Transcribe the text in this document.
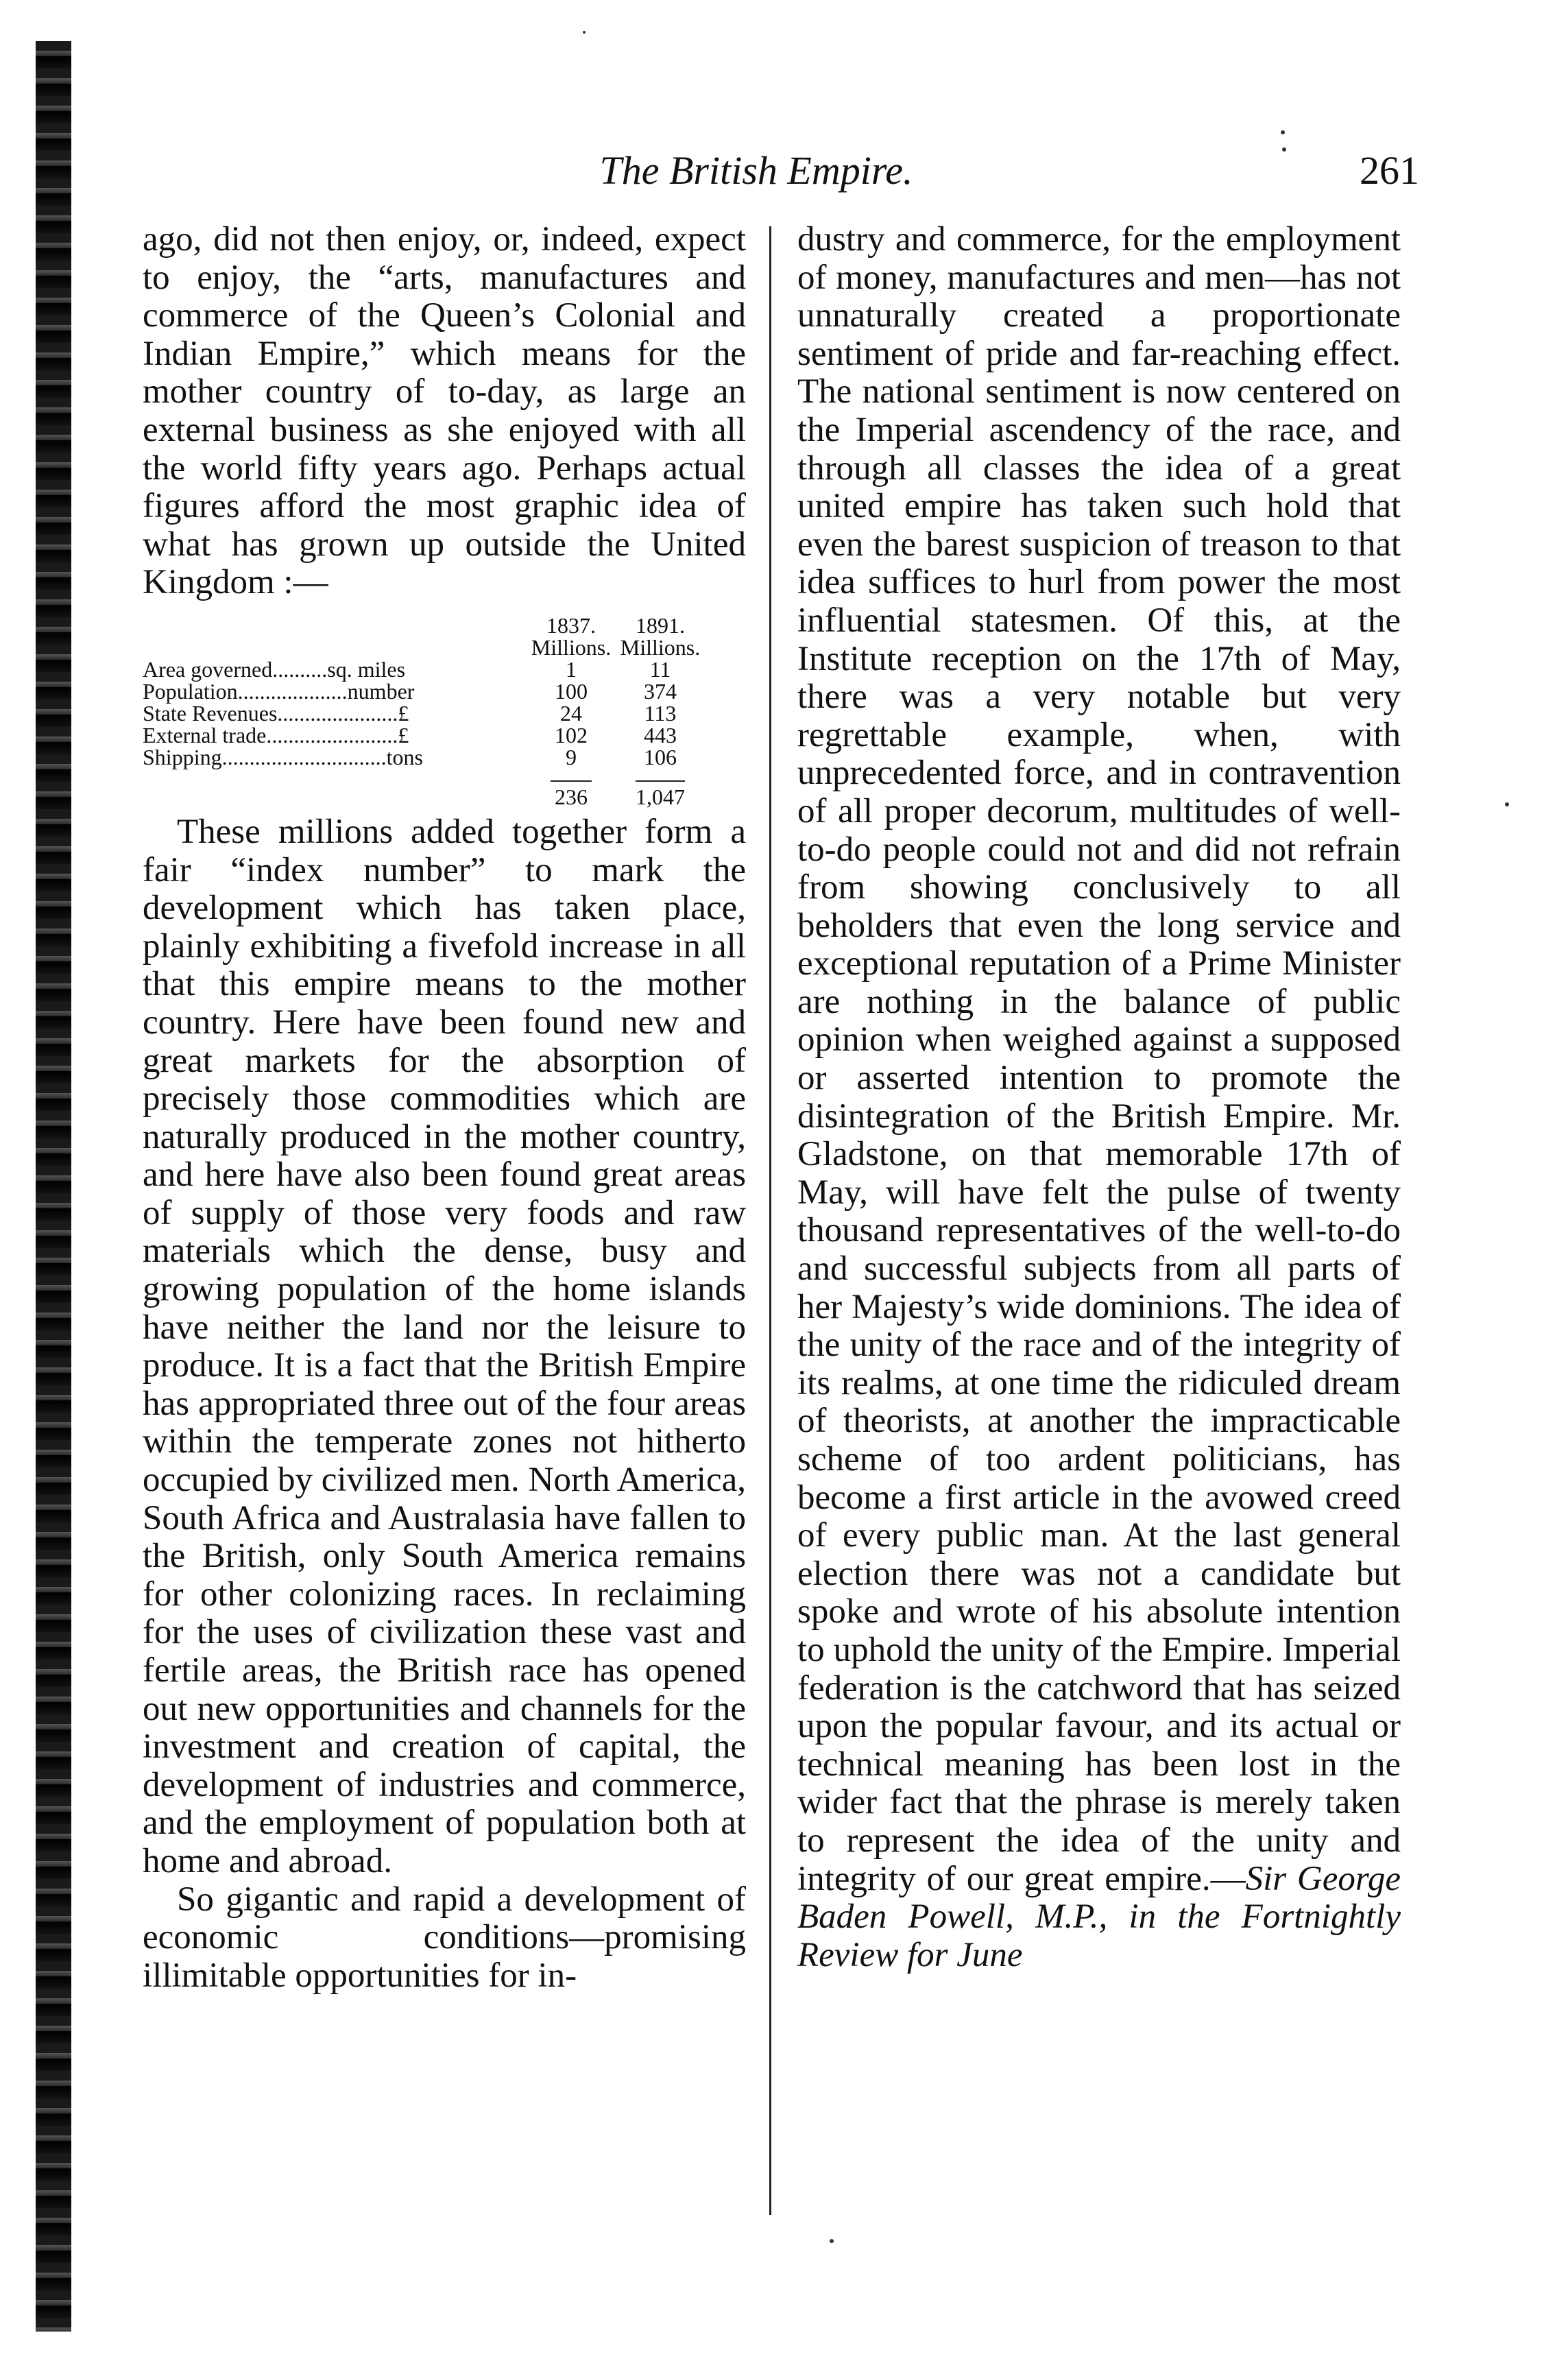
The British Empire.	261

ago, did not then enjoy, or, indeed, expect to enjoy, the “arts, manufactures and commerce of the Queen’s Colonial and Indian Empire,” which means for the mother country of to-day, as large an external business as she enjoyed with all the world fifty years ago. Perhaps actual figures afford the most graphic idea of what has grown up outside the United Kingdom :—

	1837.	1891.
	Millions.	Millions.
Area governed..........sq. miles	1	11
Population....................number	100	374
State Revenues......................£	24	113
External trade........................£	102	443
Shipping..............................tons	9	106
	236	1,047

These millions added together form a fair “index number” to mark the development which has taken place, plainly exhibiting a fivefold increase in all that this empire means to the mother country. Here have been found new and great markets for the absorption of precisely those commodities which are naturally produced in the mother country, and here have also been found great areas of supply of those very foods and raw materials which the dense, busy and growing population of the home islands have neither the land nor the leisure to produce. It is a fact that the British Empire has appropriated three out of the four areas within the temperate zones not hitherto occupied by civilized men. North America, South Africa and Australasia have fallen to the British, only South America remains for other colonizing races. In reclaiming for the uses of civilization these vast and fertile areas, the British race has opened out new opportunities and channels for the investment and creation of capital, the development of industries and commerce, and the employment of population both at home and abroad.

So gigantic and rapid a development of economic conditions—promising illimitable opportunities for in-

dustry and commerce, for the employment of money, manufactures and men—has not unnaturally created a proportionate sentiment of pride and far-reaching effect. The national sentiment is now centered on the Imperial ascendency of the race, and through all classes the idea of a great united empire has taken such hold that even the barest suspicion of treason to that idea suffices to hurl from power the most influential statesmen. Of this, at the Institute reception on the 17th of May, there was a very notable but very regrettable example, when, with unprecedented force, and in contravention of all proper decorum, multitudes of well-to-do people could not and did not refrain from showing conclusively to all beholders that even the long service and exceptional reputation of a Prime Minister are nothing in the balance of public opinion when weighed against a supposed or asserted intention to promote the disintegration of the British Empire. Mr. Gladstone, on that memorable 17th of May, will have felt the pulse of twenty thousand representatives of the well-to-do and successful subjects from all parts of her Majesty’s wide dominions. The idea of the unity of the race and of the integrity of its realms, at one time the ridiculed dream of theorists, at another the impracticable scheme of too ardent politicians, has become a first article in the avowed creed of every public man. At the last general election there was not a candidate but spoke and wrote of his absolute intention to uphold the unity of the Empire. Imperial federation is the catchword that has seized upon the popular favour, and its actual or technical meaning has been lost in the wider fact that the phrase is merely taken to represent the idea of the unity and integrity of our great empire.—Sir George Baden Powell, M.P., in the Fortnightly Review for June
